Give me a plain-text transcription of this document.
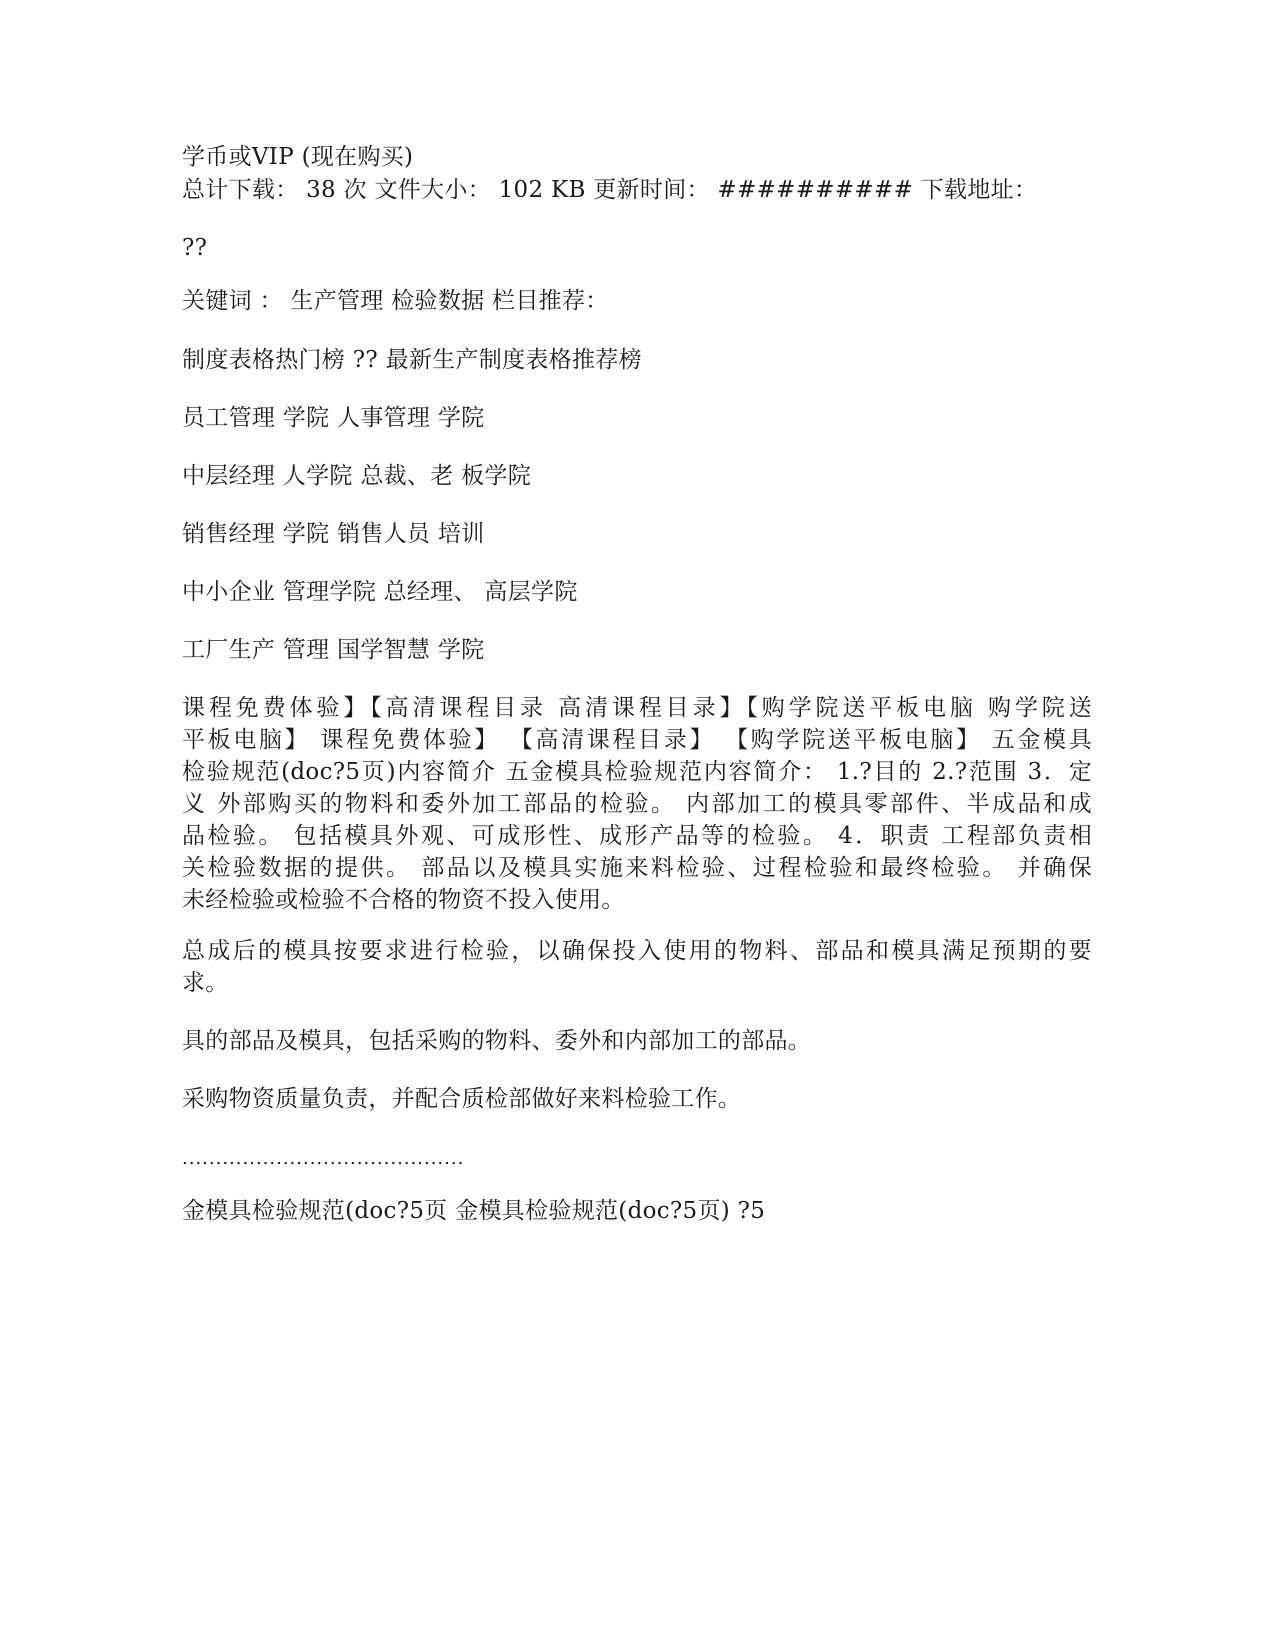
学币或VIP (现在购买)

总计下载： 38 次 文件大小： 102 KB 更新时间： ########## 下载地址：

??

关键词 ： 生产管理 检验数据 栏目推荐：

制度表格热门榜 ?? 最新生产制度表格推荐榜

员工管理 学院 人事管理 学院

中层经理 人学院 总裁、老 板学院

销售经理 学院 销售人员 培训

中小企业 管理学院 总经理、 高层学院

工厂生产 管理 国学智慧 学院

课程免费体验】【高清课程目录 高清课程目录】【购学院送平板电脑 购学院送
平板电脑】 课程免费体验】 【高清课程目录】 【购学院送平板电脑】 五金模具
检验规范(doc?5页)内容简介 五金模具检验规范内容简介： 1.?目的 2.?范围 3．定
义 外部购买的物料和委外加工部品的检验。 内部加工的模具零部件、半成品和成
品检验。 包括模具外观、可成形性、成形产品等的检验。 4．职责 工程部负责相
关检验数据的提供。 部品以及模具实施来料检验、过程检验和最终检验。 并确保
未经检验或检验不合格的物资不投入使用。
总成后的模具按要求进行检验，以确保投入使用的物料、部品和模具满足预期的要
求。

具的部品及模具，包括采购的物料、委外和内部加工的部品。

采购物资质量负责，并配合质检部做好来料检验工作。

..........................................

金模具检验规范(doc?5页 金模具检验规范(doc?5页) ?5
